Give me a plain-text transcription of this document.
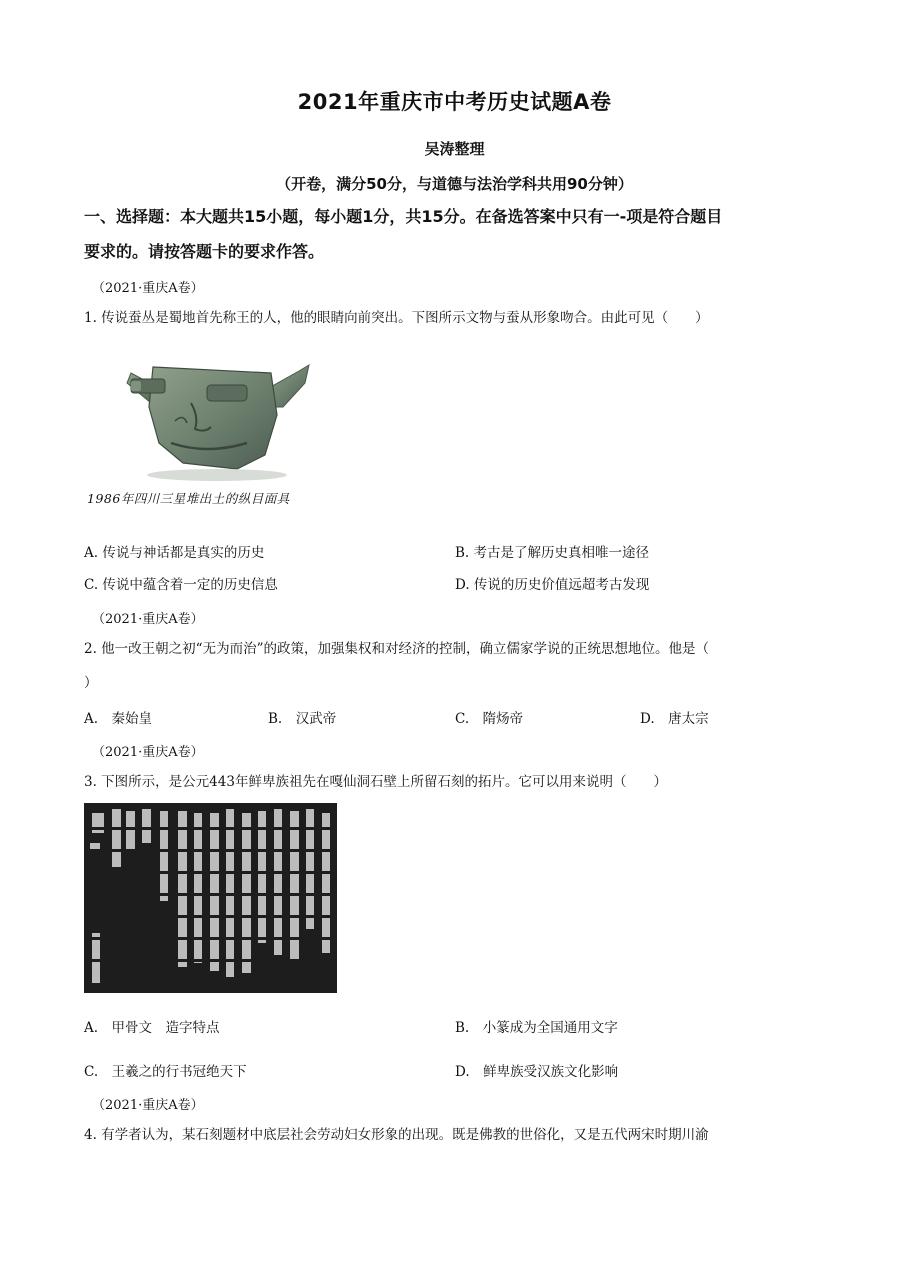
2021年重庆市中考历史试题A卷
吴涛整理
（开卷，满分50分，与道德与法治学科共用90分钟）
一、选择题：本大题共15小题，每小题1分，共15分。在备选答案中只有一-项是符合题目
要求的。请按答题卡的要求作答。
（2021·重庆A卷）
1. 传说蚕丛是蜀地首先称王的人，他的眼睛向前突出。下图所示文物与蚕从形象吻合。由此可见（　　）
1986年四川三星堆出土的纵目面具
A. 传说与神话都是真实的历史	B. 考古是了解历史真相唯一途径
C. 传说中蕴含着一定的历史信息	D. 传说的历史价值远超考古发现
（2021·重庆A卷）
2. 他一改王朝之初“无为而治”的政策，加强集权和对经济的控制，确立儒家学说的正统思想地位。他是（
）
A.　秦始皇	B.　汉武帝	C.　隋炀帝	D.　唐太宗
（2021·重庆A卷）
3. 下图所示，是公元443年鲜卑族祖先在嘎仙洞石壁上所留石刻的拓片。它可以用来说明（　　）
A.　甲骨文　造字特点	B.　小篆成为全国通用文字
C.　王羲之的行书冠绝天下	D.　鲜卑族受汉族文化影响
（2021·重庆A卷）
4. 有学者认为，某石刻题材中底层社会劳动妇女形象的出现。既是佛教的世俗化，又是五代两宋时期川渝
